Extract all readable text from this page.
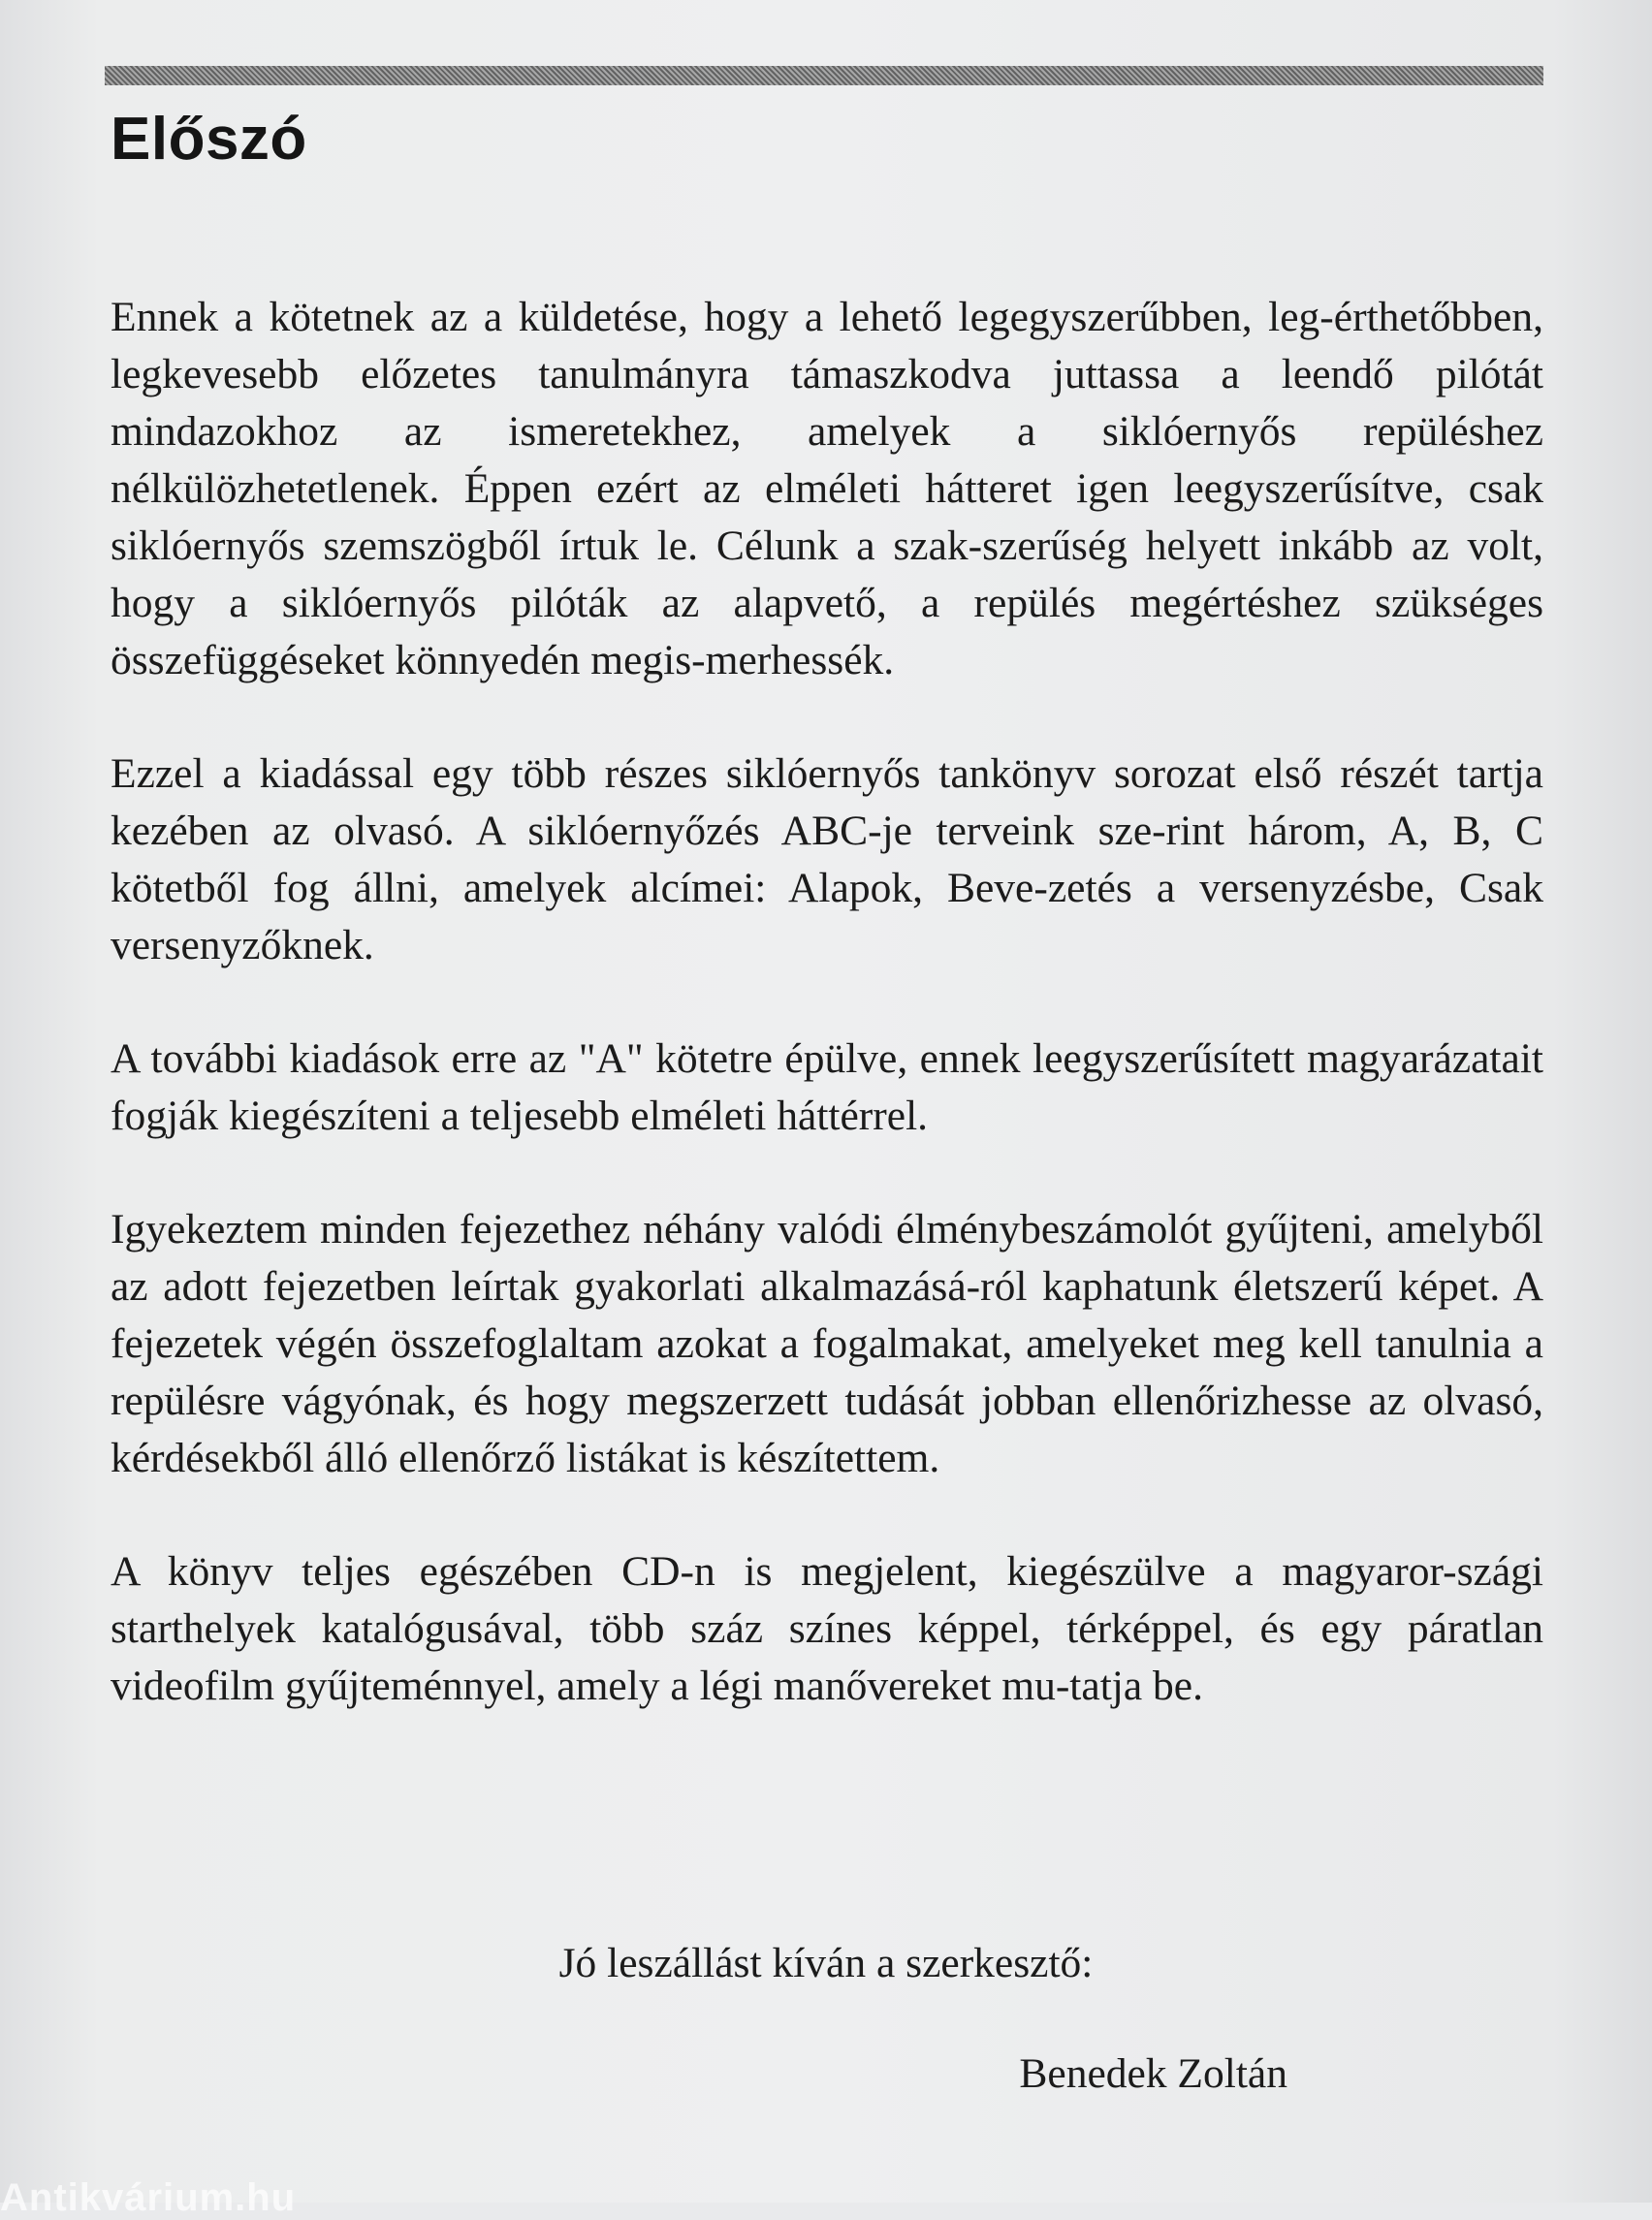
Előszó

Ennek a kötetnek az a küldetése, hogy a lehető legegyszerűbben, leg-érthetőbben, legkevesebb előzetes tanulmányra támaszkodva juttassa a leendő pilótát mindazokhoz az ismeretekhez, amelyek a siklóernyős repüléshez nélkülözhetetlenek. Éppen ezért az elméleti hátteret igen leegyszerűsítve, csak siklóernyős szemszögből írtuk le. Célunk a szak-szerűség helyett inkább az volt, hogy a siklóernyős pilóták az alapvető, a repülés megértéshez szükséges összefüggéseket könnyedén megis-merhessék.

Ezzel a kiadással egy több részes siklóernyős tankönyv sorozat első részét tartja kezében az olvasó. A siklóernyőzés ABC-je terveink sze-rint három, A, B, C kötetből fog állni, amelyek alcímei: Alapok, Beve-zetés a versenyzésbe, Csak versenyzőknek.

A további kiadások erre az "A" kötetre épülve, ennek leegyszerűsített magyarázatait fogják kiegészíteni a teljesebb elméleti háttérrel.

Igyekeztem minden fejezethez néhány valódi élménybeszámolót gyűjteni, amelyből az adott fejezetben leírtak gyakorlati alkalmazásá-ról kaphatunk életszerű képet. A fejezetek végén összefoglaltam azokat a fogalmakat, amelyeket meg kell tanulnia a repülésre vágyónak, és hogy megszerzett tudását jobban ellenőrizhesse az olvasó, kérdésekből álló ellenőrző listákat is készítettem.

A könyv teljes egészében CD-n is megjelent, kiegészülve a magyaror-szági starthelyek katalógusával, több száz színes képpel, térképpel, és egy páratlan videofilm gyűjteménnyel, amely a légi manővereket mu-tatja be.

Jó leszállást kíván a szerkesztő:

Benedek Zoltán

Antikvárium.hu
